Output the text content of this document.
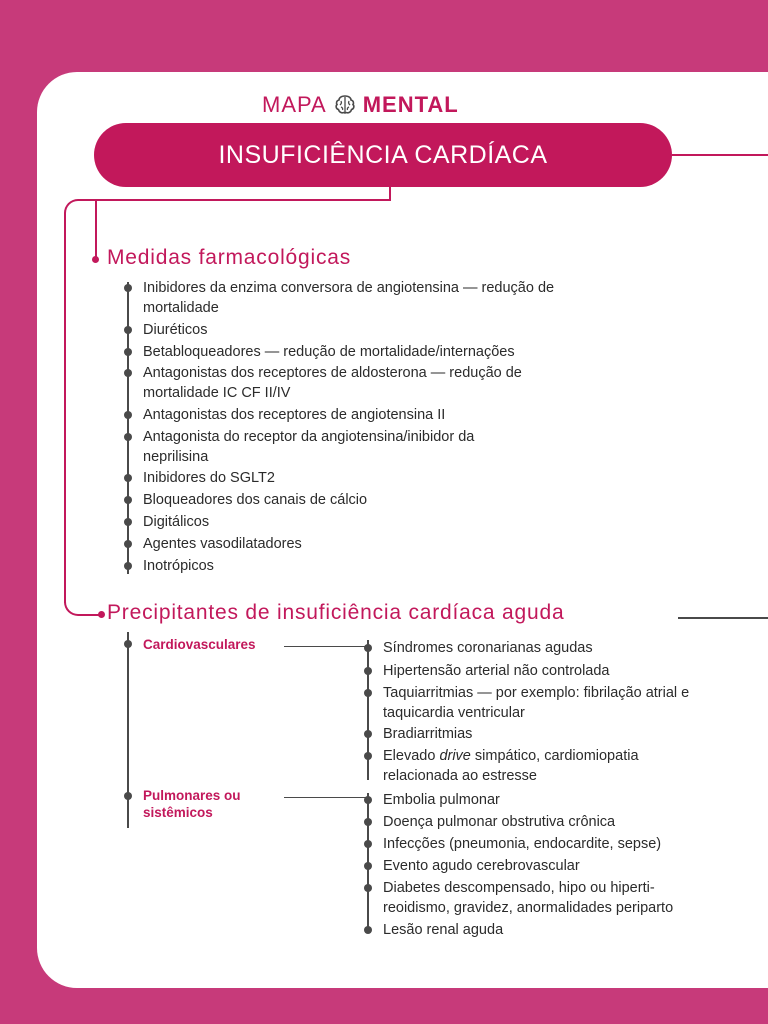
MAPA MENTAL
INSUFICIÊNCIA CARDÍACA
Medidas farmacológicas
Inibidores da enzima conversora de angiotensina — redução de mortalidade
Diuréticos
Betabloqueadores — redução de mortalidade/internações
Antagonistas dos receptores de aldosterona — redução de mortalidade IC CF II/IV
Antagonistas dos receptores de angiotensina II
Antagonista do receptor da angiotensina/inibidor da neprilisina
Inibidores do SGLT2
Bloqueadores dos canais de cálcio
Digitálicos
Agentes vasodilatadores
Inotrópicos
Precipitantes de insuficiência cardíaca aguda
Cardiovasculares	Síndromes coronarianas agudas
Hipertensão arterial não controlada
Taquiarritmias — por exemplo: fibrilação atrial e taquicardia ventricular
Bradiarritmias
Elevado drive simpático, cardiomiopatia relacionada ao estresse
Pulmonares ou sistêmicos
Embolia pulmonar
Doença pulmonar obstrutiva crônica
Infecções (pneumonia, endocardite, sepse)
Evento agudo cerebrovascular
Diabetes descompensado, hipo ou hipertireoidismo, gravidez, anormalidades periparto
Lesão renal aguda
